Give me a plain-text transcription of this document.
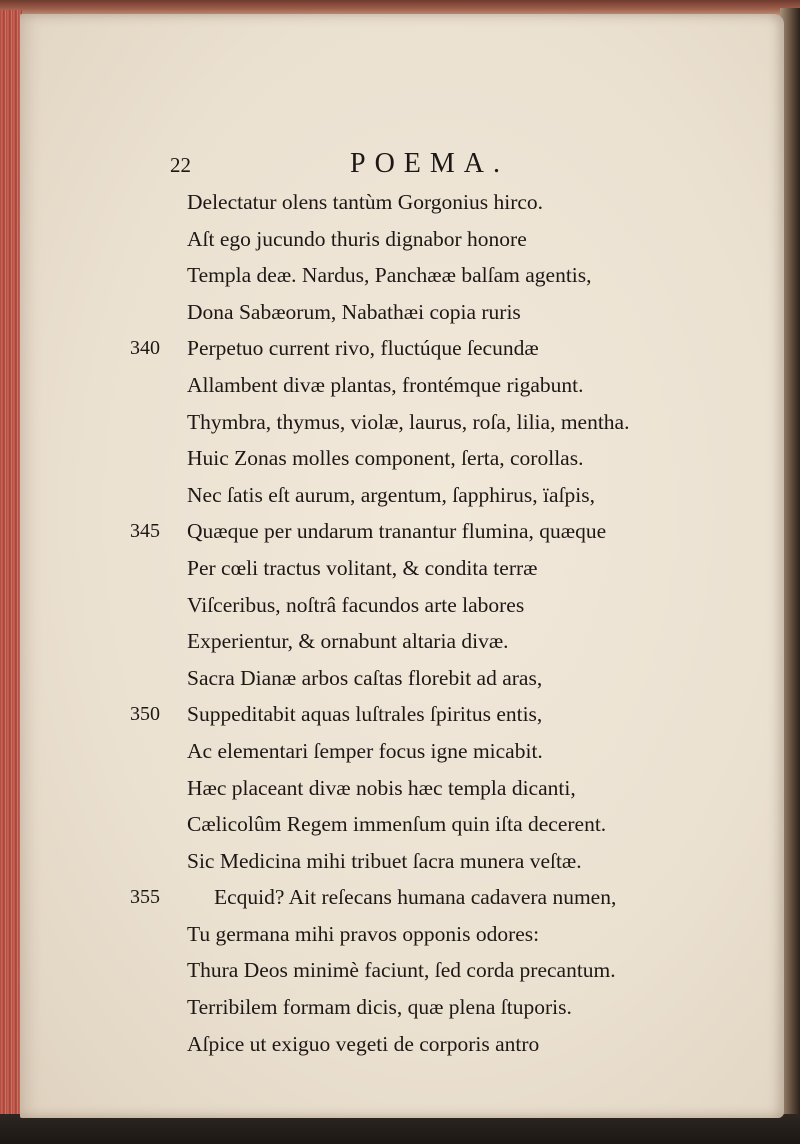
22	POEMA.
Delectatur olens tantùm Gorgonius hirco.
Aſt ego jucundo thuris dignabor honore
Templa deæ. Nardus, Panchææ balſam agentis,
Dona Sabæorum, Nabathæi copia ruris
340	Perpetuo current rivo, fluctúque ſecundæ
Allambent divæ plantas, frontémque rigabunt.
Thymbra, thymus, violæ, laurus, roſa, lilia, mentha.
Huic Zonas molles component, ſerta, corollas.
Nec ſatis eſt aurum, argentum, ſapphirus, ïaſpis,
345	Quæque per undarum tranantur flumina, quæque
Per cœli tractus volitant, & condita terræ
Viſceribus, noſtrâ facundos arte labores
Experientur, & ornabunt altaria divæ.
Sacra Dianæ arbos caſtas florebit ad aras,
350	Suppeditabit aquas luſtrales ſpiritus entis,
Ac elementari ſemper focus igne micabit.
Hæc placeant divæ nobis hæc templa dicanti,
Cælicolûm Regem immenſum quin iſta decerent.
Sic Medicina mihi tribuet ſacra munera veſtæ.
355	Ecquid? Ait reſecans humana cadavera numen,
Tu germana mihi pravos opponis odores:
Thura Deos minimè faciunt, ſed corda precantum.
Terribilem formam dicis, quæ plena ſtuporis.
Aſpice ut exiguo vegeti de corporis antro
